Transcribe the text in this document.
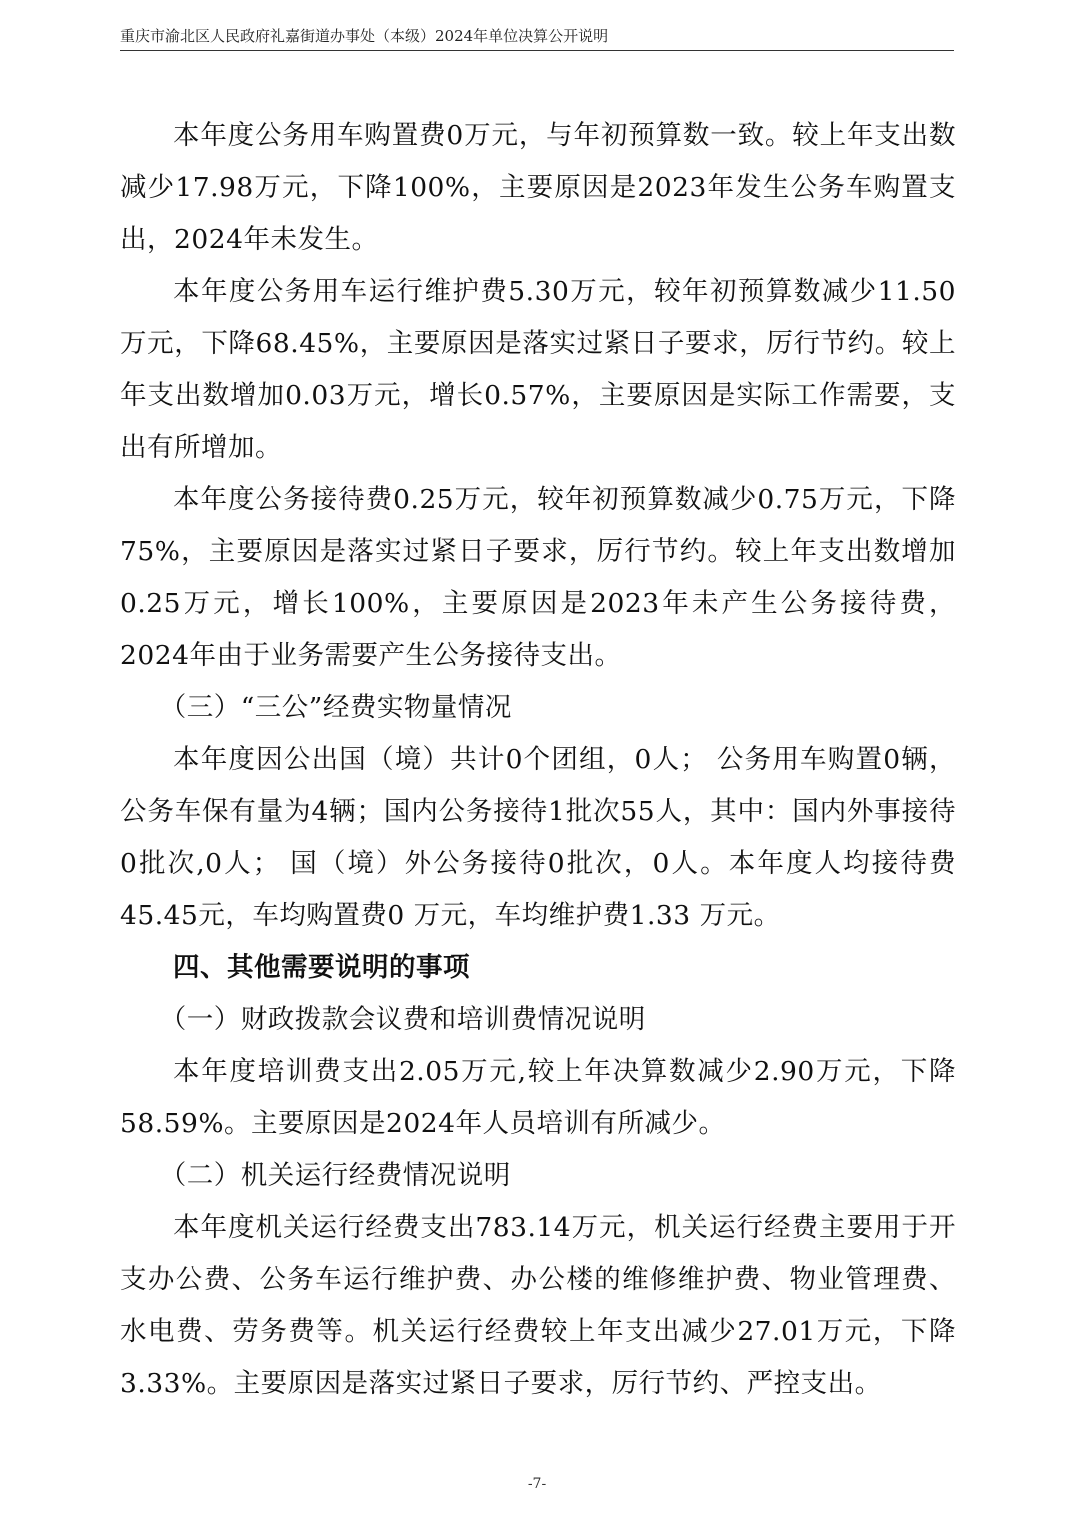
重庆市渝北区人民政府礼嘉街道办事处（本级）2024年单位决算公开说明

本年度公务用车购置费0万元，与年初预算数一致。较上年支出数减少17.98万元，下降100%，主要原因是2023年发生公务车购置支出，2024年未发生。

本年度公务用车运行维护费5.30万元，较年初预算数减少11.50万元，下降68.45%，主要原因是落实过紧日子要求，厉行节约。较上年支出数增加0.03万元，增长0.57%，主要原因是实际工作需要，支出有所增加。

本年度公务接待费0.25万元，较年初预算数减少0.75万元，下降75%，主要原因是落实过紧日子要求，厉行节约。较上年支出数增加0.25万元，增长100%，主要原因是2023年未产生公务接待费，2024年由于业务需要产生公务接待支出。

（三）“三公”经费实物量情况

本年度因公出国（境）共计0个团组，0人； 公务用车购置0辆，公务车保有量为4辆；国内公务接待1批次55人，其中：国内外事接待0批次,0人； 国（境）外公务接待0批次，0人。本年度人均接待费45.45元，车均购置费0 万元，车均维护费1.33 万元。

四、其他需要说明的事项

（一）财政拨款会议费和培训费情况说明

本年度培训费支出2.05万元,较上年决算数减少2.90万元，下降58.59%。主要原因是2024年人员培训有所减少。

（二）机关运行经费情况说明

本年度机关运行经费支出783.14万元，机关运行经费主要用于开支办公费、公务车运行维护费、办公楼的维修维护费、物业管理费、水电费、劳务费等。机关运行经费较上年支出减少27.01万元，下降3.33%。主要原因是落实过紧日子要求，厉行节约、严控支出。

-7-
